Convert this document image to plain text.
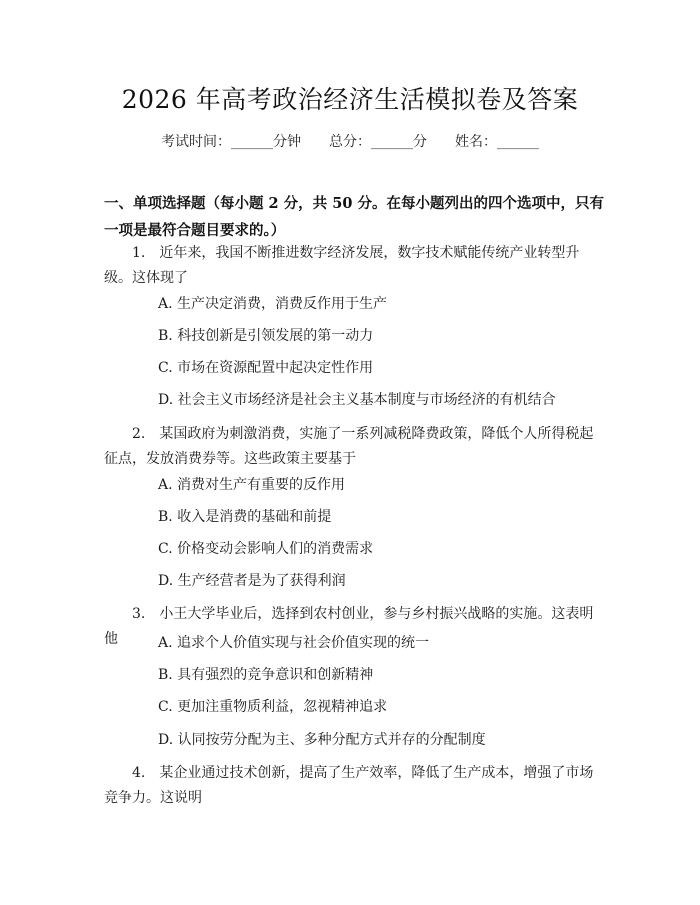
2026 年高考政治经济生活模拟卷及答案
考试时间：______分钟 总分：______分 姓名：______
一、单项选择题（每小题 2 分，共 50 分。在每小题列出的四个选项中，只有一项是最符合题目要求的。）
1.　近年来，我国不断推进数字经济发展，数字技术赋能传统产业转型升级。这体现了
A. 生产决定消费，消费反作用于生产
B. 科技创新是引领发展的第一动力
C. 市场在资源配置中起决定性作用
D. 社会主义市场经济是社会主义基本制度与市场经济的有机结合
2.　某国政府为刺激消费，实施了一系列减税降费政策，降低个人所得税起征点，发放消费券等。这些政策主要基于
A. 消费对生产有重要的反作用
B. 收入是消费的基础和前提
C. 价格变动会影响人们的消费需求
D. 生产经营者是为了获得利润
3.　小王大学毕业后，选择到农村创业，参与乡村振兴战略的实施。这表明他	A. 追求个人价值实现与社会价值实现的统一
B. 具有强烈的竞争意识和创新精神
C. 更加注重物质利益，忽视精神追求
D. 认同按劳分配为主、多种分配方式并存的分配制度
4.　某企业通过技术创新，提高了生产效率，降低了生产成本，增强了市场竞争力。这说明
